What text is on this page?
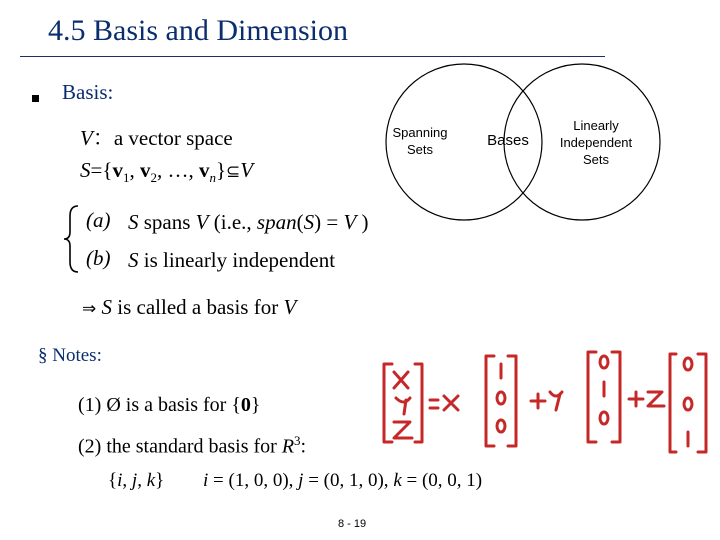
4.5 Basis and Dimension
Basis:
V：a vector space
$S=\{v_1$, $v_2$, …, $v_n\}⊆V$
Spanning
Sets
Bases
Linearly
Independent
Sets
(a) S spans V (i.e., span(S) = V )
(b) S is linearly independent
⇒ S is called a basis for V
§ Notes:
(1) Ø is a basis for {0}
(2) the standard basis for $R^3$:
{i, j, k} i = (1, 0, 0), j = (0, 1, 0), k = (0, 0, 1)
8 - 19
